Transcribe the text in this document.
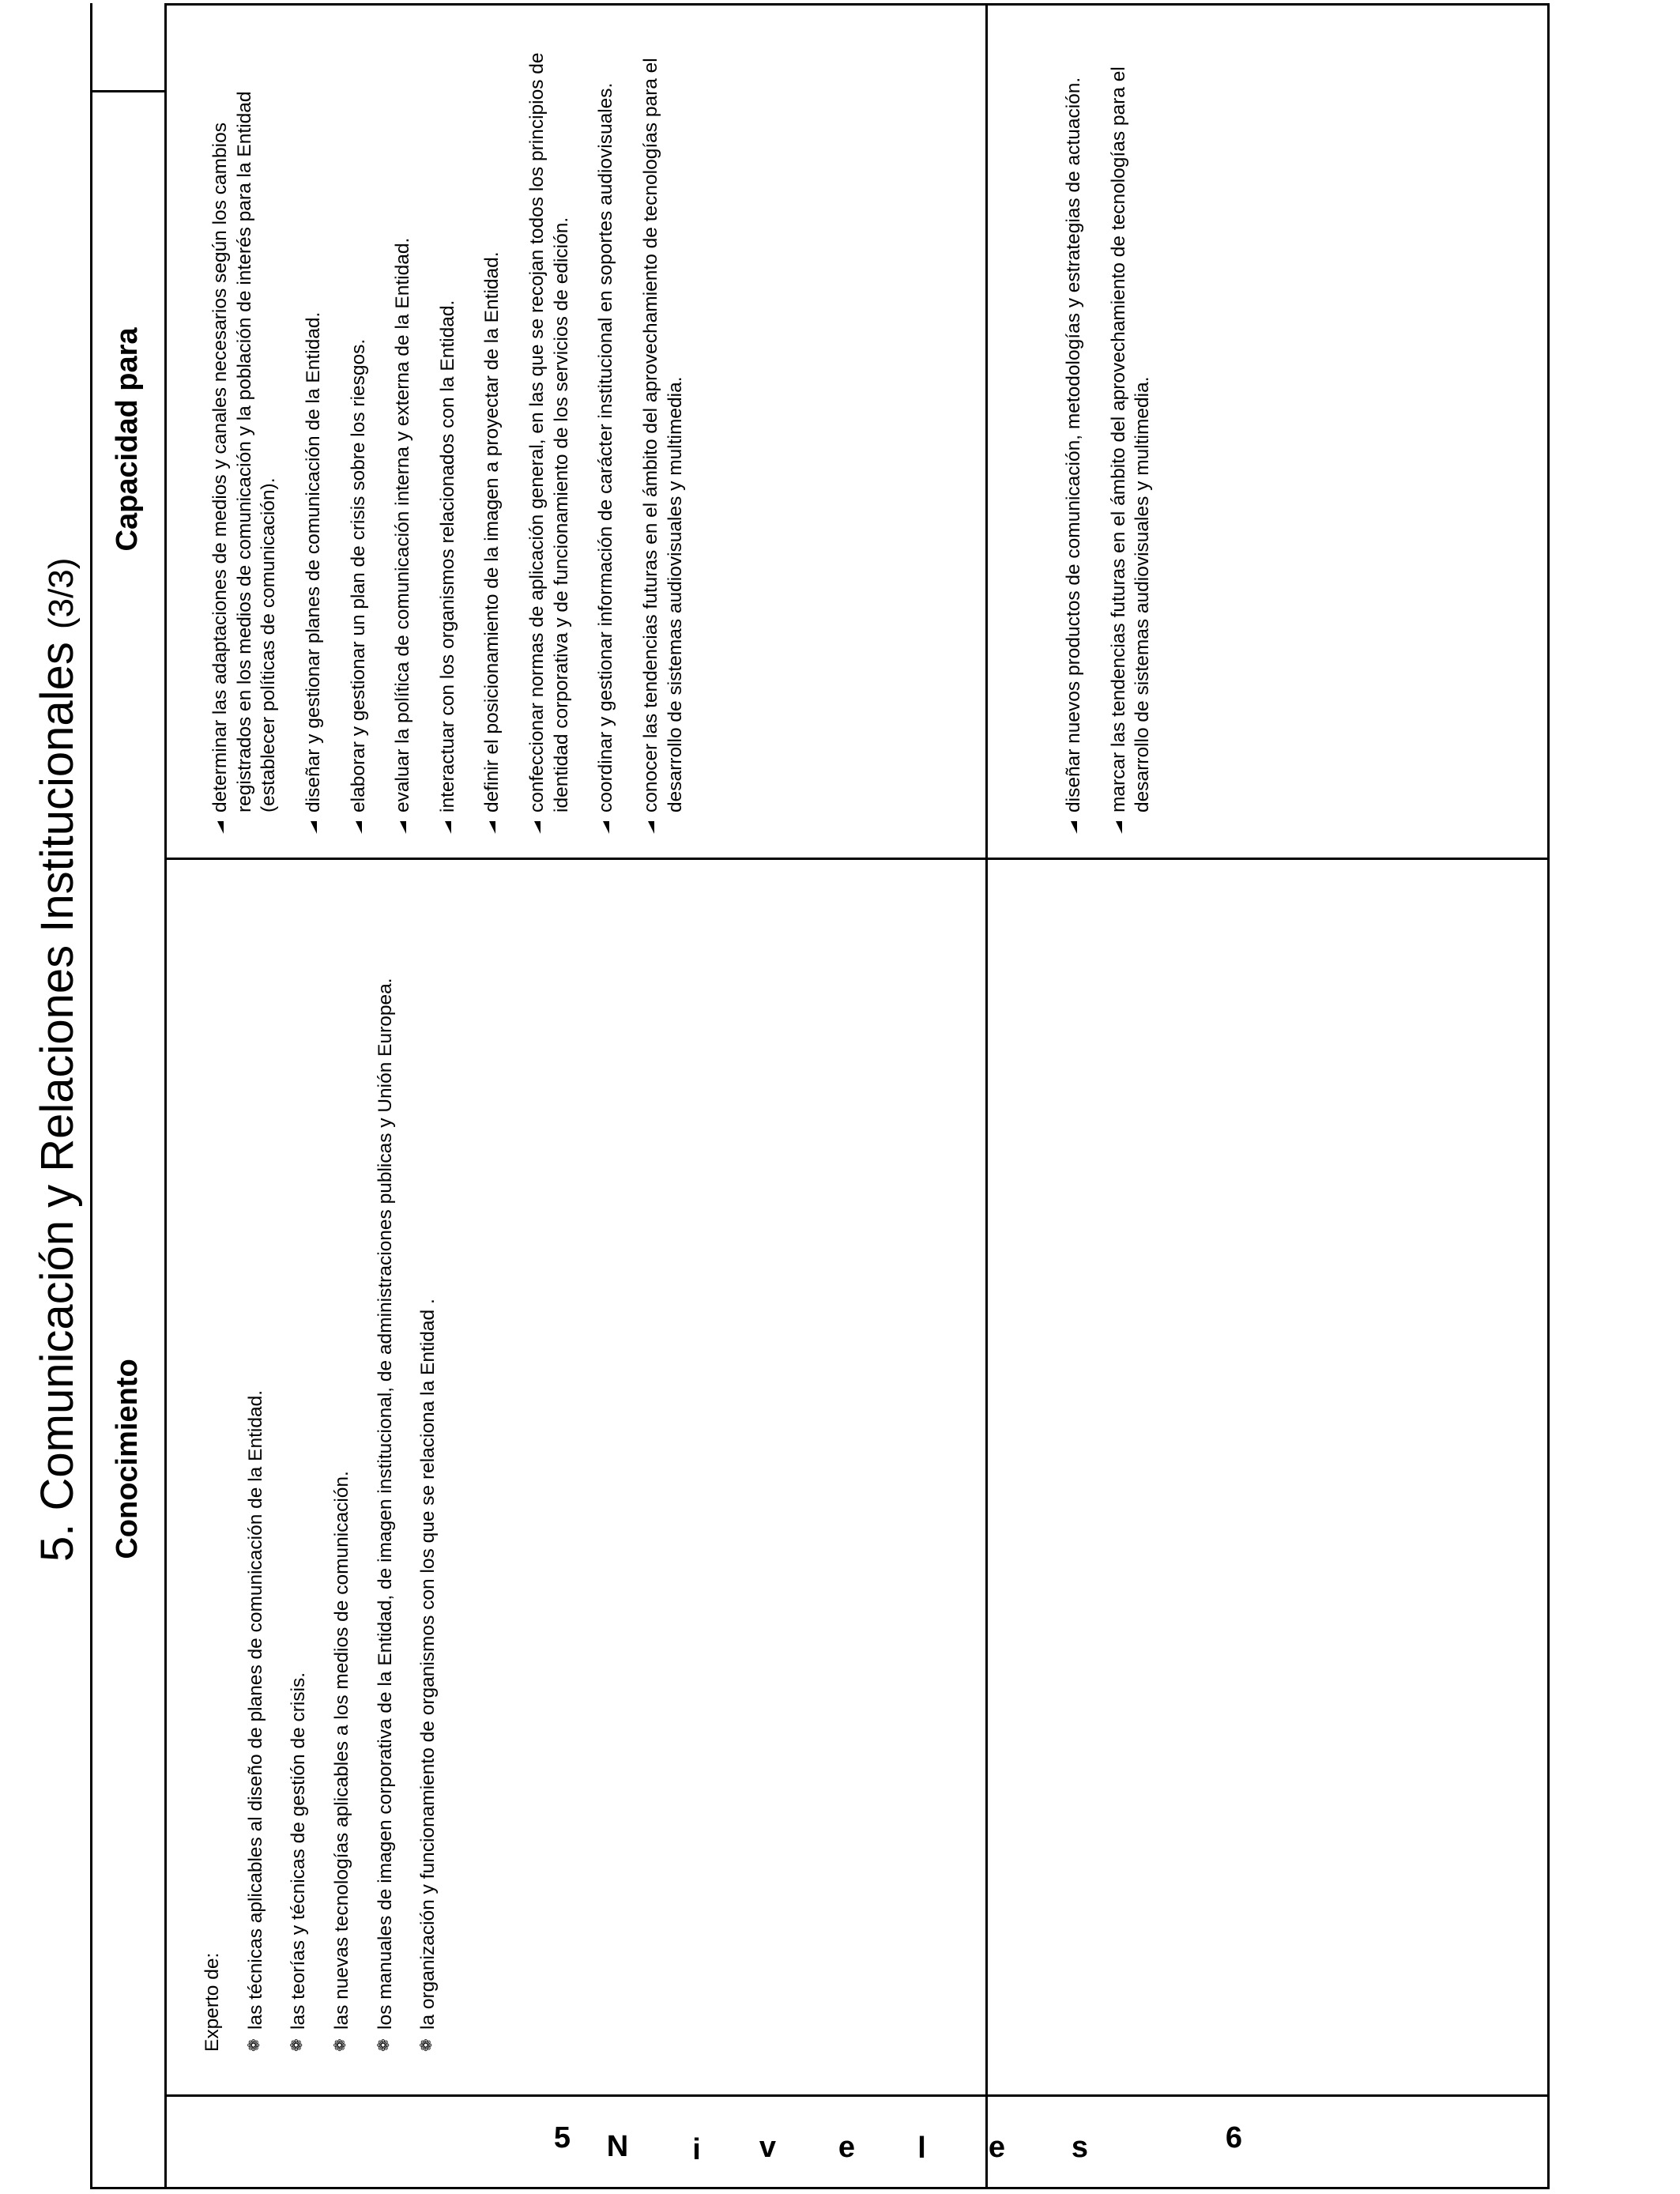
5. Comunicación y Relaciones Institucionales (3/3)
Conocimiento
Capacidad para
N i v e l e s
5	6
Experto de: ❁
las técnicas aplicables al diseño de planes de comunicación de la Entidad.
❁
las teorías y técnicas de gestión de crisis.
❁
las nuevas tecnologías aplicables a los medios de comunicación.
❁
los manuales de imagen corporativa de la Entidad, de imagen institucional, de administraciones publicas y Unión Europea.
❁
la organización y funcionamiento de organismos con los que se relaciona la Entidad .
determinar las adaptaciones de medios y canales necesarios según los cambios registrados en los medios de comunicación y la población de interés para la Entidad (establecer políticas de comunicación). diseñar y gestionar planes de comunicación de la Entidad. elaborar y gestionar un plan de crisis sobre los riesgos. evaluar la política de comunicación interna y externa de la Entidad. interactuar con los organismos relacionados con la Entidad. definir el posicionamiento de la imagen a proyectar de la Entidad. confeccionar normas de aplicación general, en las que se recojan todos los principios de identidad corporativa y de funcionamiento de los servicios de edición. coordinar y gestionar información de carácter institucional en soportes audiovisuales. conocer las tendencias futuras en el ámbito del aprovechamiento de tecnologías para el desarrollo de sistemas audiovisuales y multimedia.	diseñar nuevos productos de comunicación, metodologías y estrategias de actuación. marcar las tendencias futuras en el ámbito del aprovechamiento de tecnologías para el desarrollo de sistemas audiovisuales y multimedia.
